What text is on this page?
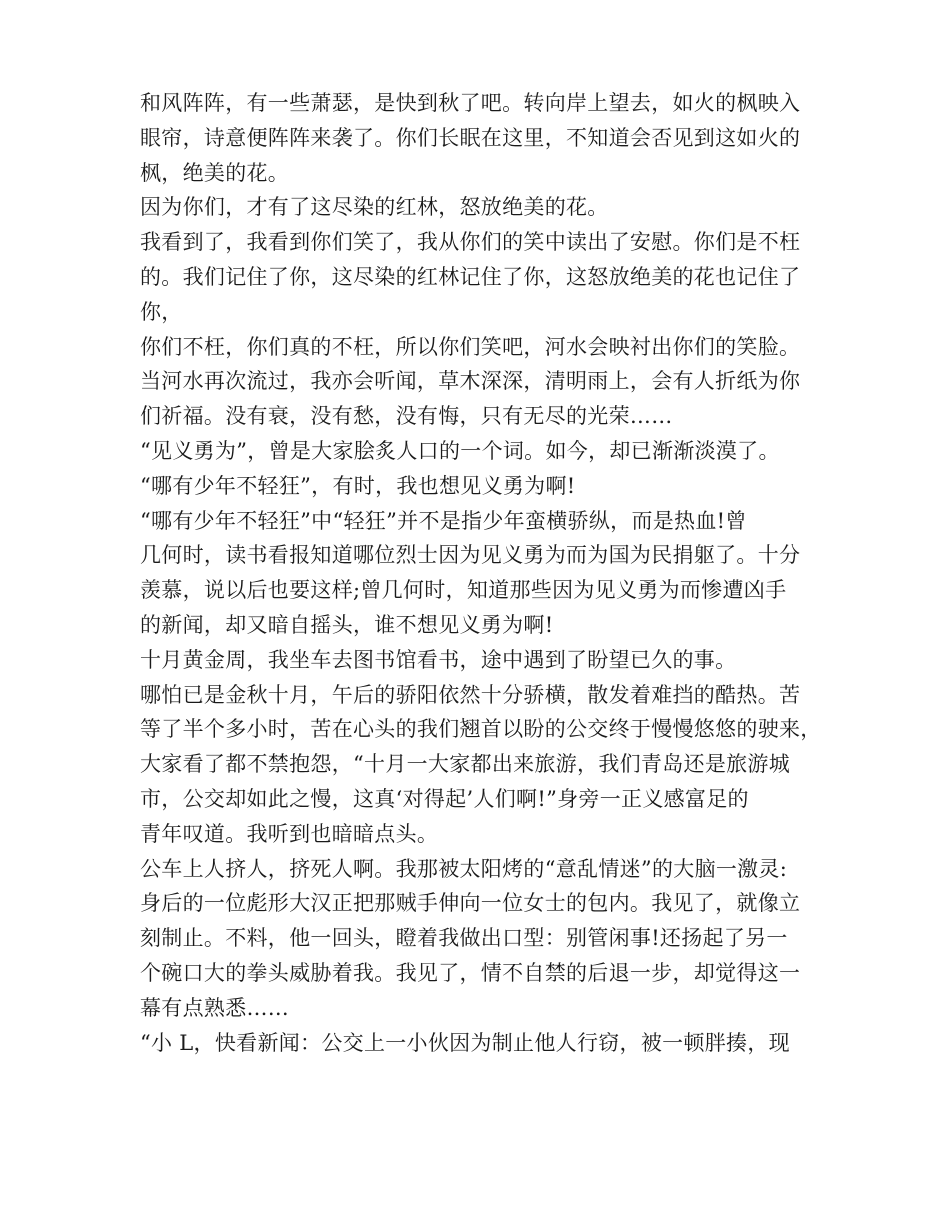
和风阵阵，有一些萧瑟，是快到秋了吧。转向岸上望去，如火的枫映入
眼帘，诗意便阵阵来袭了。你们长眠在这里，不知道会否见到这如火的
枫，绝美的花。
因为你们，才有了这尽染的红林，怒放绝美的花。
我看到了，我看到你们笑了，我从你们的笑中读出了安慰。你们是不枉
的。我们记住了你，这尽染的红林记住了你，这怒放绝美的花也记住了
你，
你们不枉，你们真的不枉，所以你们笑吧，河水会映衬出你们的笑脸。
当河水再次流过，我亦会听闻，草木深深，清明雨上，会有人折纸为你
们祈福。没有衰，没有愁，没有悔，只有无尽的光荣……
“见义勇为”，曾是大家脍炙人口的一个词。如今，却已渐渐淡漠了。
“哪有少年不轻狂”，有时，我也想见义勇为啊!
“哪有少年不轻狂”中“轻狂”并不是指少年蛮横骄纵，而是热血!曾
几何时，读书看报知道哪位烈士因为见义勇为而为国为民捐躯了。十分
羡慕，说以后也要这样;曾几何时，知道那些因为见义勇为而惨遭凶手
的新闻，却又暗自摇头，谁不想见义勇为啊!
十月黄金周，我坐车去图书馆看书，途中遇到了盼望已久的事。
哪怕已是金秋十月，午后的骄阳依然十分骄横，散发着难挡的酷热。苦
等了半个多小时，苦在心头的我们翘首以盼的公交终于慢慢悠悠的驶来，
大家看了都不禁抱怨，“十月一大家都出来旅游，我们青岛还是旅游城
市，公交却如此之慢，这真‘对得起’人们啊!”身旁一正义感富足的
青年叹道。我听到也暗暗点头。
公车上人挤人，挤死人啊。我那被太阳烤的“意乱情迷”的大脑一激灵:
身后的一位彪形大汉正把那贼手伸向一位女士的包内。我见了，就像立
刻制止。不料，他一回头，瞪着我做出口型：别管闲事!还扬起了另一
个碗口大的拳头威胁着我。我见了，情不自禁的后退一步，却觉得这一
幕有点熟悉……
“小 L，快看新闻：公交上一小伙因为制止他人行窃，被一顿胖揍，现
